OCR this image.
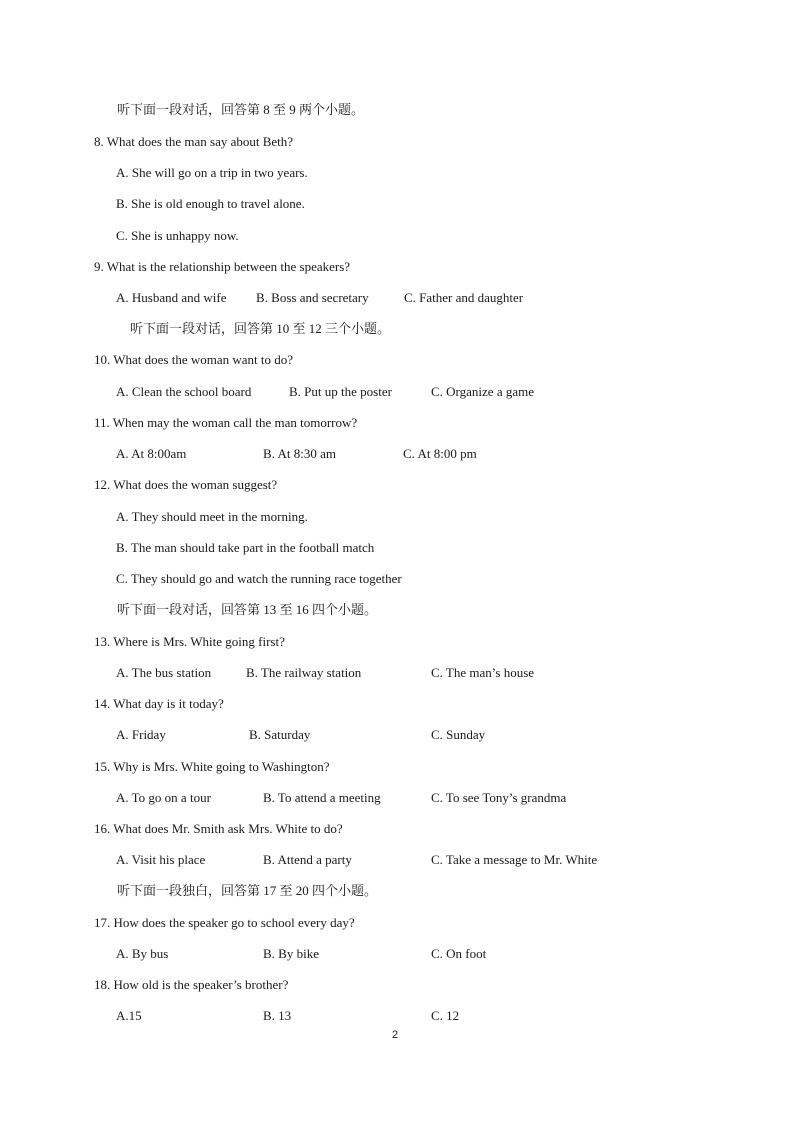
听下面一段对话，回答第 8 至 9 两个小题。
8. What does the man say about Beth?
A. She will go on a trip in two years.
B. She is old enough to travel alone.
C. She is unhappy now.
9. What is the relationship between the speakers?
A. Husband and wife B. Boss and secretary	C. Father and daughter
听下面一段对话，回答第 10 至 12 三个小题。
10. What does the woman want to do?
A. Clean the school board	B. Put up the poster	C. Organize a game
11. When may the woman call the man tomorrow?
A. At 8:00am	B. At 8:30 am	C. At 8:00 pm
12. What does the woman suggest?
A. They should meet in the morning.
B. The man should take part in the football match
C. They should go and watch the running race together
听下面一段对话，回答第 13 至 16 四个小题。
13. Where is Mrs. White going first?
A. The bus station	B. The railway station	C. The man’s house
14. What day is it today?
A. Friday	B. Saturday	C. Sunday
15. Why is Mrs. White going to Washington?
A. To go on a tour	B. To attend a meeting	C. To see Tony’s grandma
16. What does Mr. Smith ask Mrs. White to do?
A. Visit his place	B. Attend a party	C. Take a message to Mr. White
听下面一段独白，回答第 17 至 20 四个小题。
17. How does the speaker go to school every day?
A. By bus	B. By bike	C. On foot
18. How old is the speaker’s brother?
A.15	B. 13	C. 12
2
